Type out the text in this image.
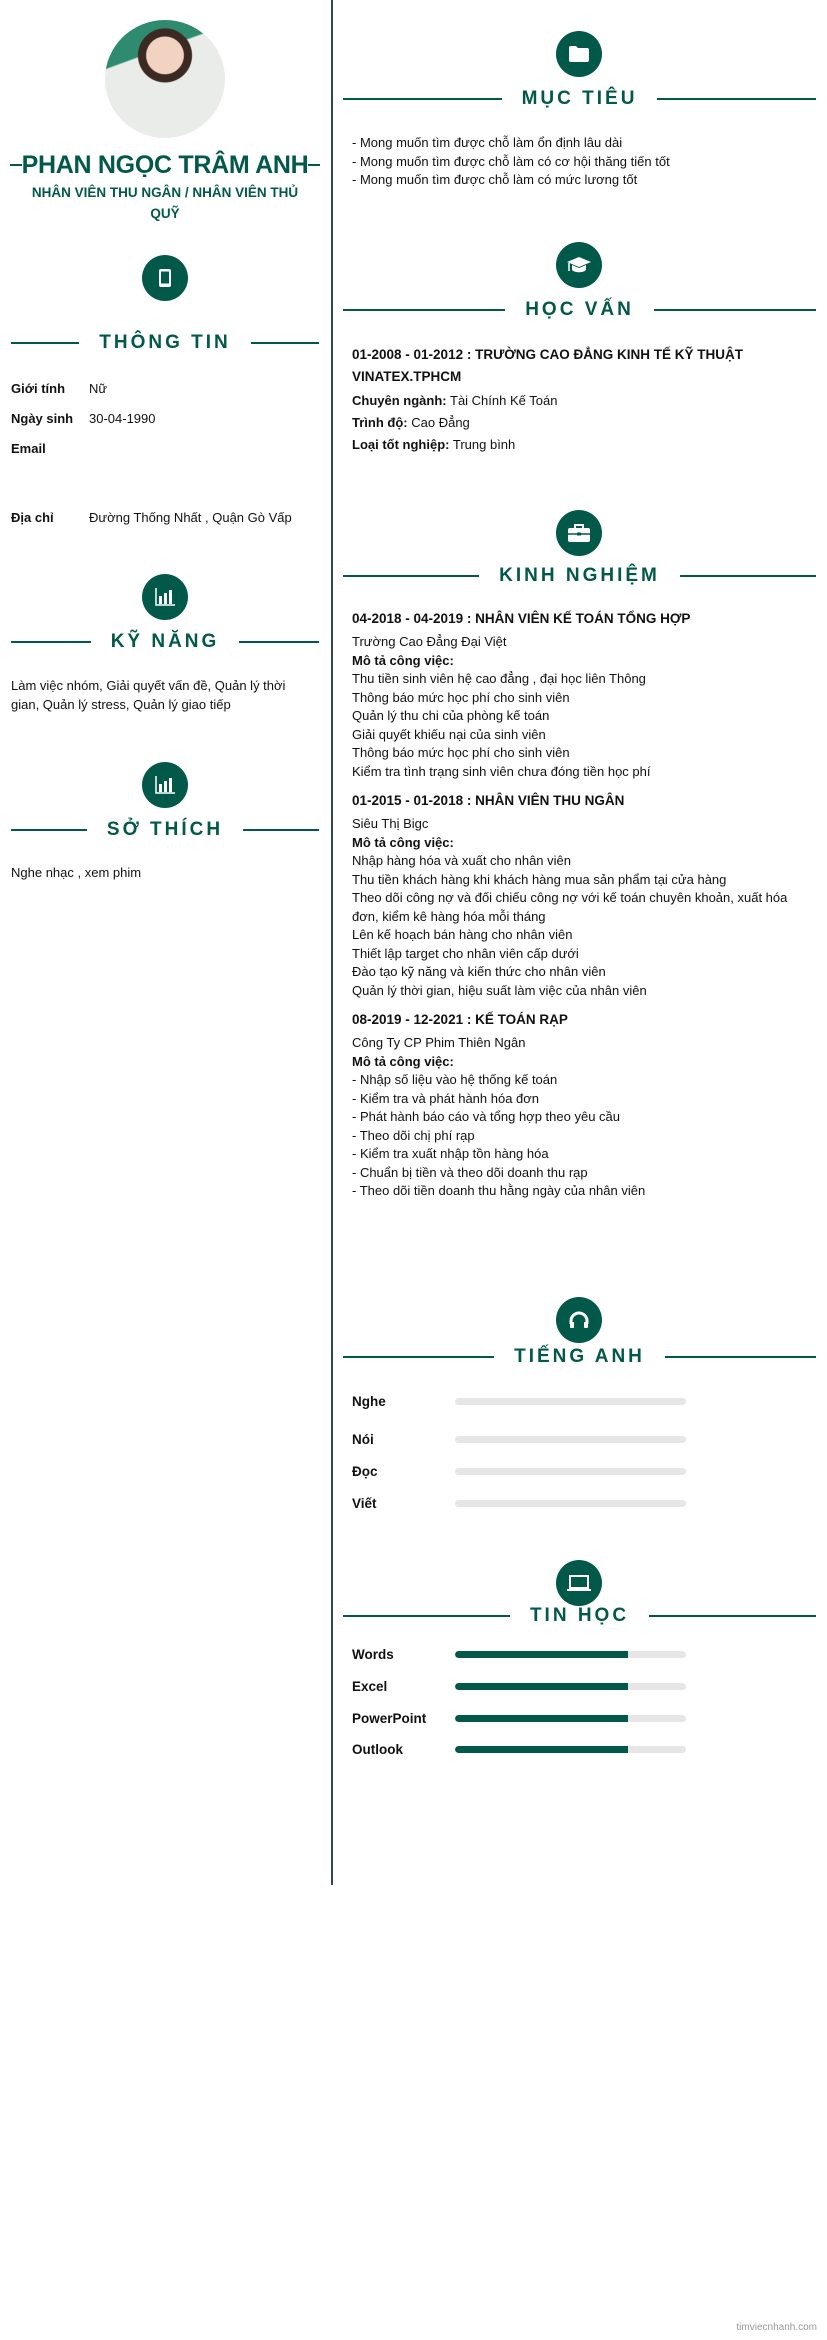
PHAN NGỌC TRÂM ANH
NHÂN VIÊN THU NGÂN / NHÂN VIÊN THỦ QUỸ
THÔNG TIN
Giới tính	Nữ
Ngày sinh	30-04-1990
Email
Địa chỉ	Đường Thống Nhất , Quận Gò Vấp
KỸ NĂNG

Làm việc nhóm, Giải quyết vấn đề, Quản lý thời gian, Quản lý stress, Quản lý giao tiếp

SỞ THÍCH

Nghe nhạc , xem phim

MỤC TIÊU

- Mong muốn tìm được chỗ làm ổn định lâu dài

- Mong muốn tìm được chỗ làm có cơ hội thăng tiến tốt

- Mong muốn tìm được chỗ làm có mức lương tốt

HỌC VẤN

01-2008 - 01-2012 : TRƯỜNG CAO ĐẲNG KINH TẾ KỸ THUẬT VINATEX.TPHCM

Chuyên ngành: Tài Chính Kế Toán

Trình độ: Cao Đẳng

Loại tốt nghiệp: Trung bình

KINH NGHIỆM

04-2018 - 04-2019 : NHÂN VIÊN KẾ TOÁN TỔNG HỢP

Trường Cao Đẳng Đại Việt

Mô tả công việc:

Thu tiền sinh viên hệ cao đẳng , đại học liên Thông

Thông báo mức học phí cho sinh viên

Quản lý thu chi của phòng kế toán

Giải quyết khiếu nại của sinh viên

Thông báo mức học phí cho sinh viên

Kiểm tra tình trạng sinh viên chưa đóng tiền học phí

01-2015 - 01-2018 : NHÂN VIÊN THU NGÂN

Siêu Thị Bigc

Mô tả công việc:

Nhập hàng hóa và xuất cho nhân viên

Thu tiền khách hàng khi khách hàng mua sản phẩm tại cửa hàng

Theo dõi công nợ và đối chiếu công nợ với kế toán chuyên khoản, xuất hóa đơn, kiểm kê hàng hóa mỗi tháng

Lên kế hoạch bán hàng cho nhân viên

Thiết lập target cho nhân viên cấp dưới

Đào tạo kỹ năng và kiến thức cho nhân viên

Quản lý thời gian, hiệu suất làm việc của nhân viên

08-2019 - 12-2021 : KẾ TOÁN RẠP

Công Ty CP Phim Thiên Ngân

Mô tả công việc:

- Nhập số liệu vào hệ thống kế toán

- Kiểm tra và phát hành hóa đơn

- Phát hành báo cáo và tổng hợp theo yêu cầu

- Theo dõi chị phí rạp

- Kiểm tra xuất nhập tồn hàng hóa

- Chuẩn bị tiền và theo dõi doanh thu rạp

- Theo dõi tiền doanh thu hằng ngày của nhân viên

TIẾNG ANH
Nghe
Nói
Đọc
Viết
TIN HỌC
Words
Excel
PowerPoint
Outlook
timviecnhanh.com
